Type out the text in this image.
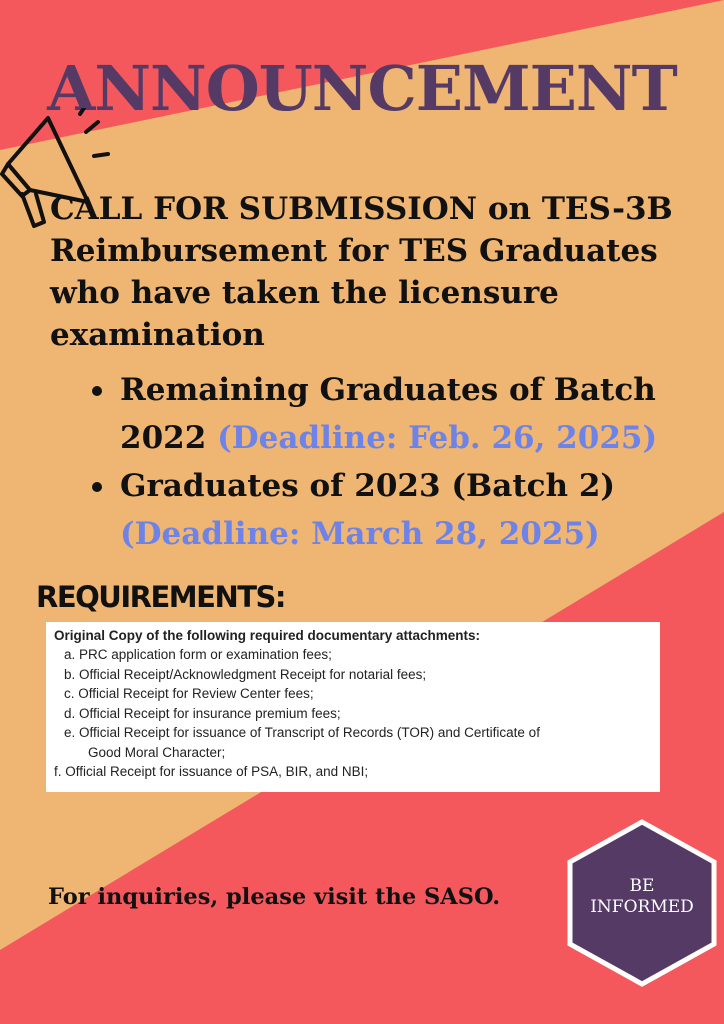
ANNOUNCEMENT
CALL FOR SUBMISSION on TES-3B
Reimbursement for TES Graduates
who have taken the licensure
examination
Remaining Graduates of Batch
2022 (Deadline: Feb. 26, 2025)
Graduates of 2023 (Batch 2)
(Deadline: March 28, 2025)
REQUIREMENTS:
Original Copy of the following required documentary attachments:
a. PRC application form or examination fees;
b. Official Receipt/Acknowledgment Receipt for notarial fees;
c. Official Receipt for Review Center fees;
d. Official Receipt for insurance premium fees;
e. Official Receipt for issuance of Transcript of Records (TOR) and Certificate of
Good Moral Character;
f. Official Receipt for issuance of PSA, BIR, and NBI;

For inquiries, please visit the SASO.	BE
INFORMED
